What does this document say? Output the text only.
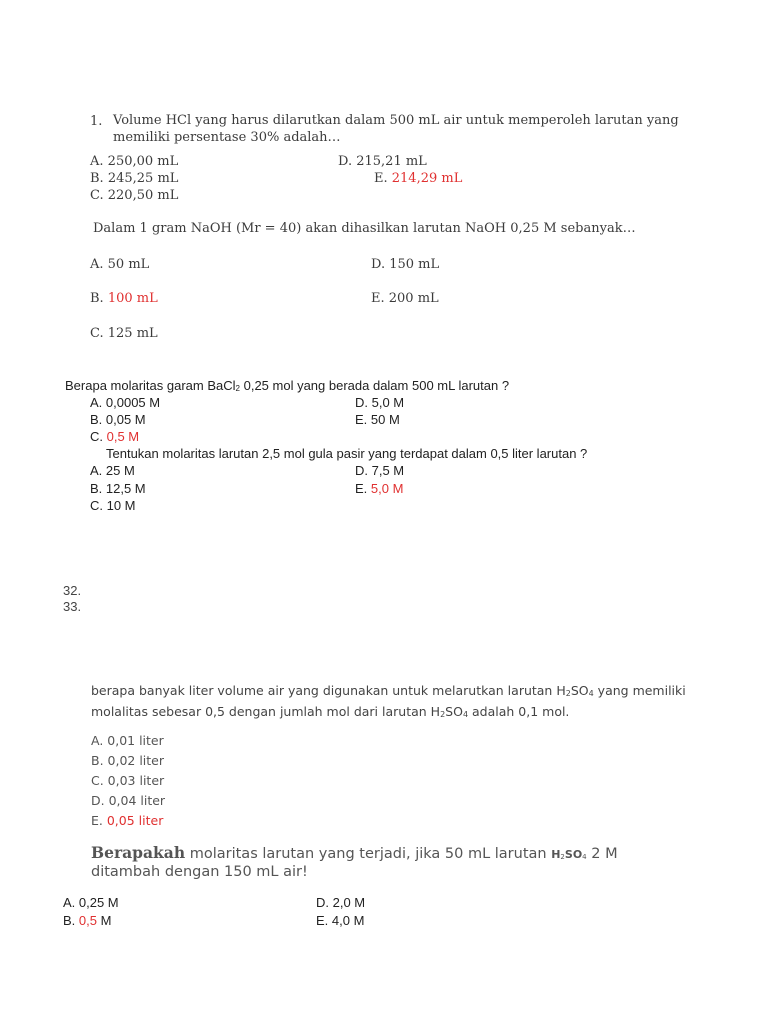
1. Volume HCl yang harus dilarutkan dalam 500 mL air untuk memperoleh larutan yang
memiliki persentase 30% adalah…
A. 250,00 mL
B. 245,25 mL
C. 220,50 mL
D. 215,21 mL
E. 214,29 mL
Dalam 1 gram NaOH (Mr = 40) akan dihasilkan larutan NaOH 0,25 M sebanyak…
A. 50 mL	D. 150 mL
B. 100 mL	E. 200 mL
C. 125 mL
Berapa molaritas garam BaCl$_2$ 0,25 mol yang berada dalam 500 mL larutan ?
A. 0,0005 M	D. 5,0 M
B. 0,05 M	E. 50 M
C. 0,5 M
Tentukan molaritas larutan 2,5 mol gula pasir yang terdapat dalam 0,5 liter larutan ?
A. 25 M	D. 7,5 M
B. 12,5 M	E. 5,0 M
C. 10 M
32.
33.
berapa banyak liter volume air yang digunakan untuk melarutkan larutan $H_2SO_4$ yang memiliki
molalitas sebesar 0,5 dengan jumlah mol dari larutan $H_2SO_4$ adalah 0,1 mol.
A. 0,01 liter
B. 0,02 liter
C. 0,03 liter
D. 0,04 liter
E. 0,05 liter
Berapakah molaritas larutan yang terjadi, jika 50 mL larutan $H_2SO_4$ 2 M
ditambah dengan 150 mL air!
A. 0,25 M	D. 2,0 M
B. 0,5 M	E. 4,0 M
